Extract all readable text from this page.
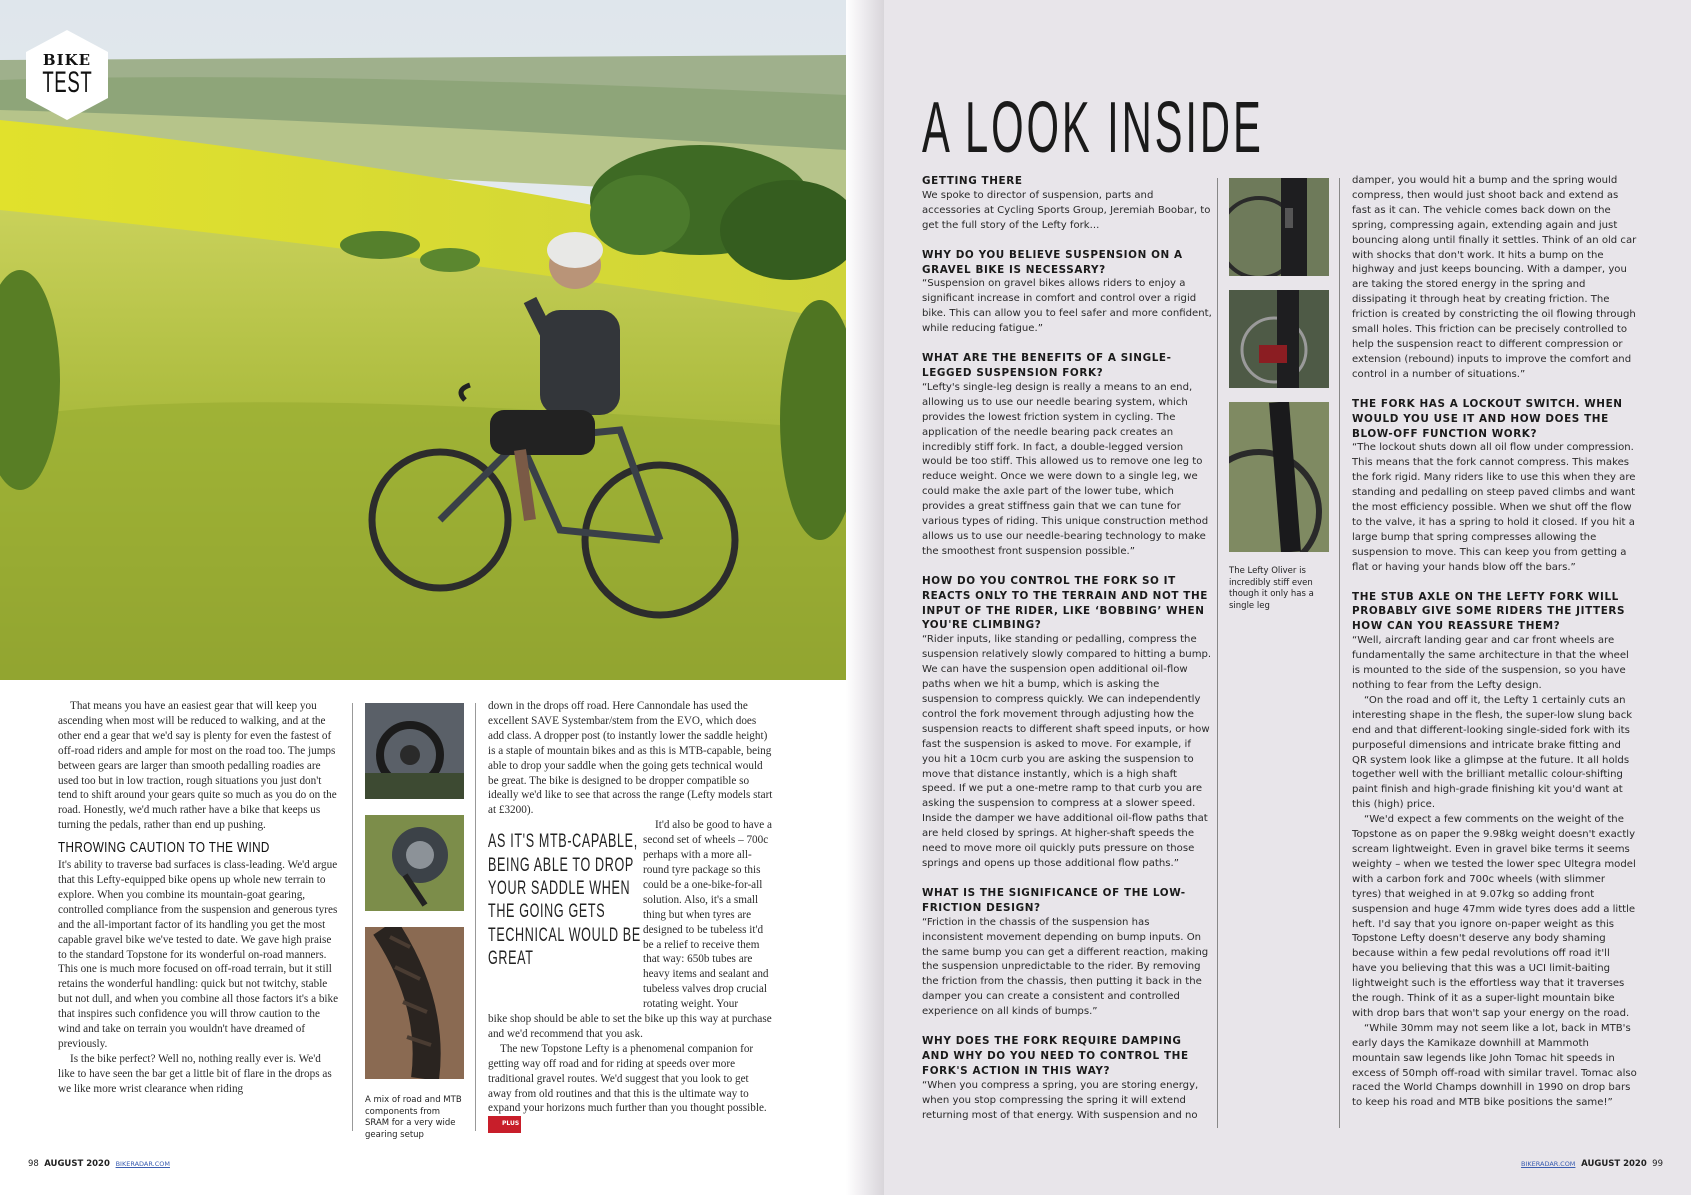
BIKE
TEST

That means you have an easiest gear that will keep you ascending when most will be reduced to walking, and at the other end a gear that we'd say is plenty for even the fastest of off-road riders and ample for most on the road too. The jumps between gears are larger than smooth pedalling roadies are used too but in low traction, rough situations you just don't tend to shift around your gears quite so much as you do on the road. Honestly, we'd much rather have a bike that keeps us turning the pedals, rather than end up pushing.

THROWING CAUTION TO THE WIND

It's ability to traverse bad surfaces is class-leading. We'd argue that this Lefty-equipped bike opens up whole new terrain to explore. When you combine its mountain-goat gearing, controlled compliance from the suspension and generous tyres and the all-important factor of its handling you get the most capable gravel bike we've tested to date. We gave high praise to the standard Topstone for its wonderful on-road manners. This one is much more focused on off-road terrain, but it still retains the wonderful handling: quick but not twitchy, stable but not dull, and when you combine all those factors it's a bike that inspires such confidence you will throw caution to the wind and take on terrain you wouldn't have dreamed of previously.

Is the bike perfect? Well no, nothing really ever is. We'd like to have seen the bar get a little bit of flare in the drops as we like more wrist clearance when riding

A mix of road and MTB components from SRAM for a very wide gearing setup

down in the drops off road. Here Cannondale has used the excellent SAVE Systembar/stem from the EVO, which does add class. A dropper post (to instantly lower the saddle height) is a staple of mountain bikes and as this is MTB-capable, being able to drop your saddle when the going gets technical would be great. The bike is designed to be dropper compatible so ideally we'd like to see that across the range (Lefty models start at £3200).

AS IT'S MTB-CAPABLE, BEING ABLE TO DROP YOUR SADDLE WHEN THE GOING GETS TECHNICAL WOULD BE GREAT

It'd also be good to have a second set of wheels – 700c perhaps with a more all-round tyre package so this could be a one-bike-for-all solution. Also, it's a small thing but when tyres are designed to be tubeless it'd be a relief to receive them that way: 650b tubes are heavy items and sealant and tubeless valves drop crucial rotating weight. Your

bike shop should be able to set the bike up this way at purchase and we'd recommend that you ask.

The new Topstone Lefty is a phenomenal companion for getting way off road and for riding at speeds over more traditional gravel routes. We'd suggest that you look to get away from old routines and that this is the ultimate way to expand your horizons much further than you thought possible. PLUS

98 AUGUST 2020 BIKERADAR.COM
A LOOK INSIDE
GETTING THERE

We spoke to director of suspension, parts and accessories at Cycling Sports Group, Jeremiah Boobar, to get the full story of the Lefty fork...

WHY DO YOU BELIEVE SUSPENSION ON A GRAVEL BIKE IS NECESSARY?

“Suspension on gravel bikes allows riders to enjoy a significant increase in comfort and control over a rigid bike. This can allow you to feel safer and more confident, while reducing fatigue.”

WHAT ARE THE BENEFITS OF A SINGLE-LEGGED SUSPENSION FORK?

“Lefty's single-leg design is really a means to an end, allowing us to use our needle bearing system, which provides the lowest friction system in cycling. The application of the needle bearing pack creates an incredibly stiff fork. In fact, a double-legged version would be too stiff. This allowed us to remove one leg to reduce weight. Once we were down to a single leg, we could make the axle part of the lower tube, which provides a great stiffness gain that we can tune for various types of riding. This unique construction method allows us to use our needle-bearing technology to make the smoothest front suspension possible.”

HOW DO YOU CONTROL THE FORK SO IT REACTS ONLY TO THE TERRAIN AND NOT THE INPUT OF THE RIDER, LIKE ‘BOBBING’ WHEN YOU'RE CLIMBING?

“Rider inputs, like standing or pedalling, compress the suspension relatively slowly compared to hitting a bump. We can have the suspension open additional oil-flow paths when we hit a bump, which is asking the suspension to compress quickly. We can independently control the fork movement through adjusting how the suspension reacts to different shaft speed inputs, or how fast the suspension is asked to move. For example, if you hit a 10cm curb you are asking the suspension to move that distance instantly, which is a high shaft speed. If we put a one-metre ramp to that curb you are asking the suspension to compress at a slower speed. Inside the damper we have additional oil-flow paths that are held closed by springs. At higher-shaft speeds the need to move more oil quickly puts pressure on those springs and opens up those additional flow paths.”

WHAT IS THE SIGNIFICANCE OF THE LOW-FRICTION DESIGN?

“Friction in the chassis of the suspension has inconsistent movement depending on bump inputs. On the same bump you can get a different reaction, making the suspension unpredictable to the rider. By removing the friction from the chassis, then putting it back in the damper you can create a consistent and controlled experience on all kinds of bumps.”

WHY DOES THE FORK REQUIRE DAMPING AND WHY DO YOU NEED TO CONTROL THE FORK'S ACTION IN THIS WAY?

“When you compress a spring, you are storing energy, when you stop compressing the spring it will extend returning most of that energy. With suspension and no

The Lefty Oliver is incredibly stiff even though it only has a single leg

damper, you would hit a bump and the spring would compress, then would just shoot back and extend as fast as it can. The vehicle comes back down on the spring, compressing again, extending again and just bouncing along until finally it settles. Think of an old car with shocks that don't work. It hits a bump on the highway and just keeps bouncing. With a damper, you are taking the stored energy in the spring and dissipating it through heat by creating friction. The friction is created by constricting the oil flowing through small holes. This friction can be precisely controlled to help the suspension react to different compression or extension (rebound) inputs to improve the comfort and control in a number of situations.”

THE FORK HAS A LOCKOUT SWITCH. WHEN WOULD YOU USE IT AND HOW DOES THE BLOW-OFF FUNCTION WORK?

“The lockout shuts down all oil flow under compression. This means that the fork cannot compress. This makes the fork rigid. Many riders like to use this when they are standing and pedalling on steep paved climbs and want the most efficiency possible. When we shut off the flow to the valve, it has a spring to hold it closed. If you hit a large bump that spring compresses allowing the suspension to move. This can keep you from getting a flat or having your hands blow off the bars.”

THE STUB AXLE ON THE LEFTY FORK WILL PROBABLY GIVE SOME RIDERS THE JITTERS HOW CAN YOU REASSURE THEM?

“Well, aircraft landing gear and car front wheels are fundamentally the same architecture in that the wheel is mounted to the side of the suspension, so you have nothing to fear from the Lefty design.

“On the road and off it, the Lefty 1 certainly cuts an interesting shape in the flesh, the super-low slung back end and that different-looking single-sided fork with its purposeful dimensions and intricate brake fitting and QR system look like a glimpse at the future. It all holds together well with the brilliant metallic colour-shifting paint finish and high-grade finishing kit you'd want at this (high) price.

“We'd expect a few comments on the weight of the Topstone as on paper the 9.98kg weight doesn't exactly scream lightweight. Even in gravel bike terms it seems weighty – when we tested the lower spec Ultegra model with a carbon fork and 700c wheels (with slimmer tyres) that weighed in at 9.07kg so adding front suspension and huge 47mm wide tyres does add a little heft. I'd say that you ignore on-paper weight as this Topstone Lefty doesn't deserve any body shaming because within a few pedal revolutions off road it'll have you believing that this was a UCI limit-baiting lightweight such is the effortless way that it traverses the rough. Think of it as a super-light mountain bike with drop bars that won't sap your energy on the road.

“While 30mm may not seem like a lot, back in MTB's early days the Kamikaze downhill at Mammoth mountain saw legends like John Tomac hit speeds in excess of 50mph off-road with similar travel. Tomac also raced the World Champs downhill in 1990 on drop bars to keep his road and MTB bike positions the same!”

BIKERADAR.COM AUGUST 2020 99
